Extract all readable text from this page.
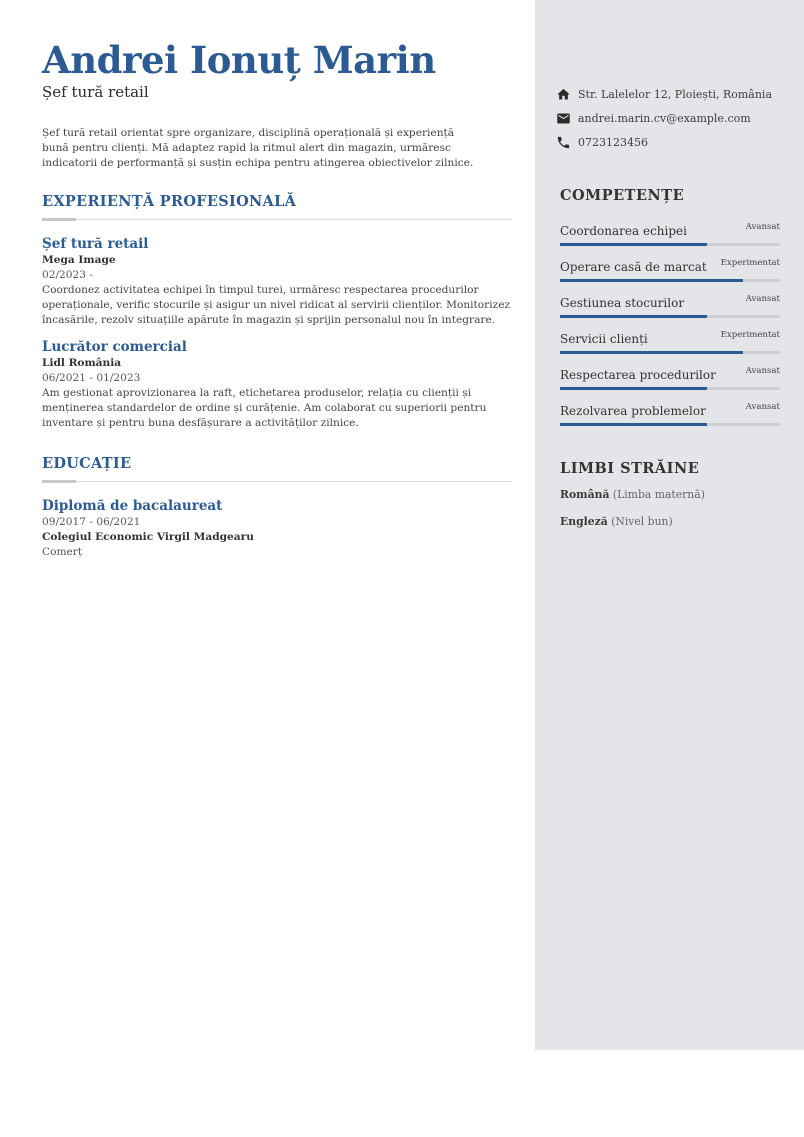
Andrei Ionuț Marin
Șef tură retail
Șef tură retail orientat spre organizare, disciplină operațională și experiență bună pentru clienți. Mă adaptez rapid la ritmul alert din magazin, urmăresc indicatorii de performanță și susțin echipa pentru atingerea obiectivelor zilnice.
EXPERIENȚĂ PROFESIONALĂ
Șef tură retail
Mega Image
02/2023 -
Coordonez activitatea echipei în timpul turei, urmăresc respectarea procedurilor operaționale, verific stocurile și asigur un nivel ridicat al servirii clienților. Monitorizez încasările, rezolv situațiile apărute în magazin și sprijin personalul nou în integrare.
Lucrător comercial
Lidl România
06/2021 - 01/2023
Am gestionat aprovizionarea la raft, etichetarea produselor, relația cu clienții și menținerea standardelor de ordine și curățenie. Am colaborat cu superiorii pentru inventare și pentru buna desfășurare a activităților zilnice.
EDUCAȚIE
Diplomă de bacalaureat
09/2017 - 06/2021
Colegiul Economic Virgil Madgearu
Comerț
Str. Lalelelor 12, Ploiești, România
andrei.marin.cv@example.com
0723123456
COMPETENȚE
Coordonarea echipei	Avansat
Operare casă de marcat Experimentat
Gestiunea stocurilor	Avansat
Servicii clienți	Experimentat
Respectarea procedurilor	Avansat
Rezolvarea problemelor	Avansat
LIMBI STRĂINE
Română (Limba maternă)
Engleză (Nivel bun)
